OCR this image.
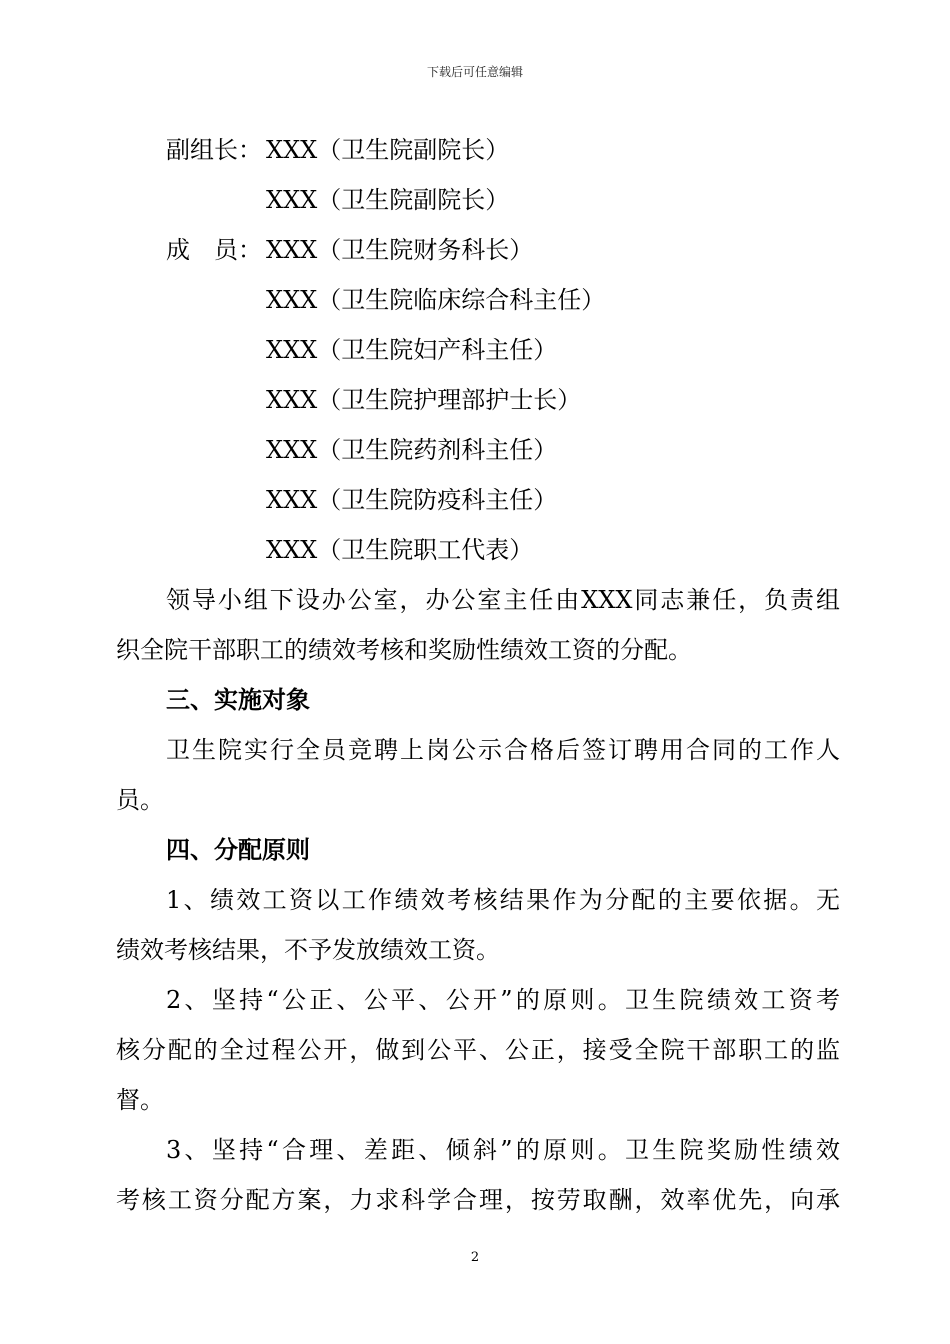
下载后可任意编辑
副组长： XXX（卫生院副院长）
XXX（卫生院副院长）
成　员： XXX（卫生院财务科长）
XXX（卫生院临床综合科主任）
XXX（卫生院妇产科主任）
XXX（卫生院护理部护士长）
XXX（卫生院药剂科主任）
XXX（卫生院防疫科主任）
XXX（卫生院职工代表）
领导小组下设办公室，办公室主任由XXX同志兼任，负责组
织全院干部职工的绩效考核和奖励性绩效工资的分配。
三、实施对象
卫生院实行全员竞聘上岗公示合格后签订聘用合同的工作人
员。
四、分配原则
1、绩效工资以工作绩效考核结果作为分配的主要依据。无
绩效考核结果，不予发放绩效工资。
2、坚持“公正、公平、公开”的原则。卫生院绩效工资考
核分配的全过程公开，做到公平、公正，接受全院干部职工的监
督。
3、坚持“合理、差距、倾斜”的原则。卫生院奖励性绩效
考核工资分配方案，力求科学合理，按劳取酬，效率优先，向承
2
